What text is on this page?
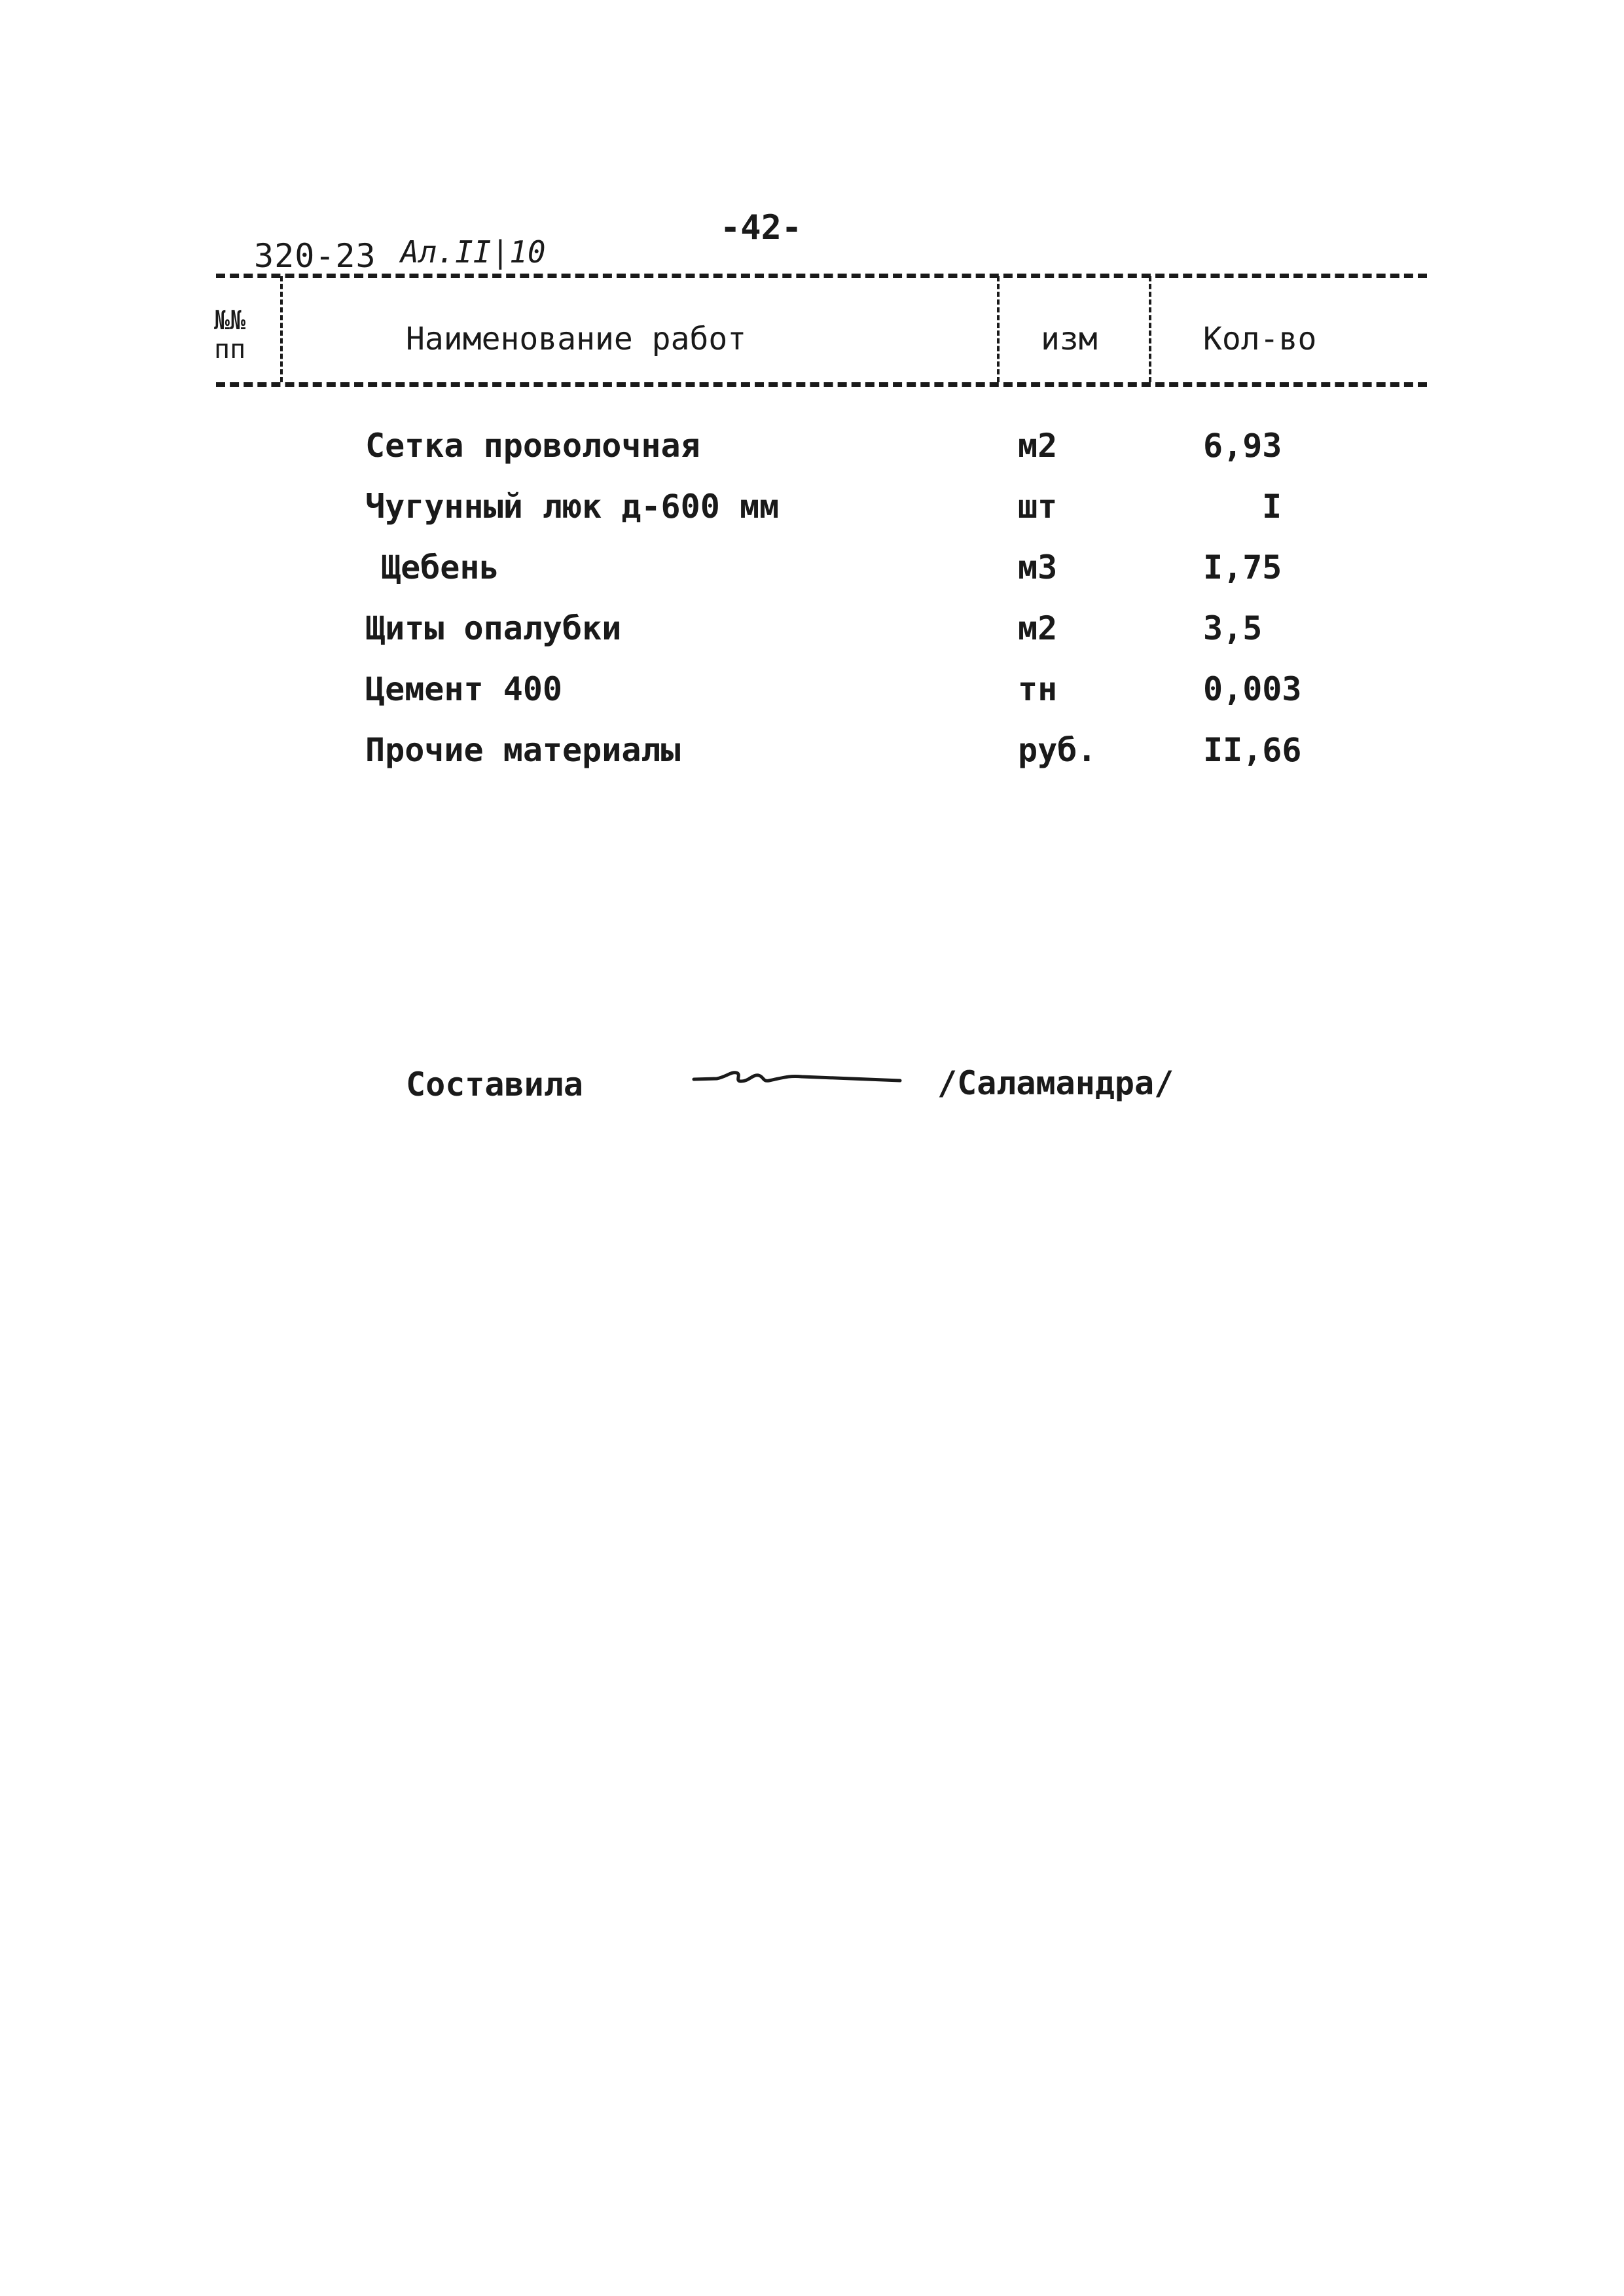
-42-
320-23 Ал.II|10
№№
пп	Наименование работ	изм	Кол-во
Сетка проволочная	м2	6,93
Чугунный люк д-600 мм	шт	I
Щебень	м3	I,75
Щиты опалубки	м2	3,5
Цемент 400	тн	0,003
Прочие материалы	руб.	II,66
Составила	/Саламандра/
